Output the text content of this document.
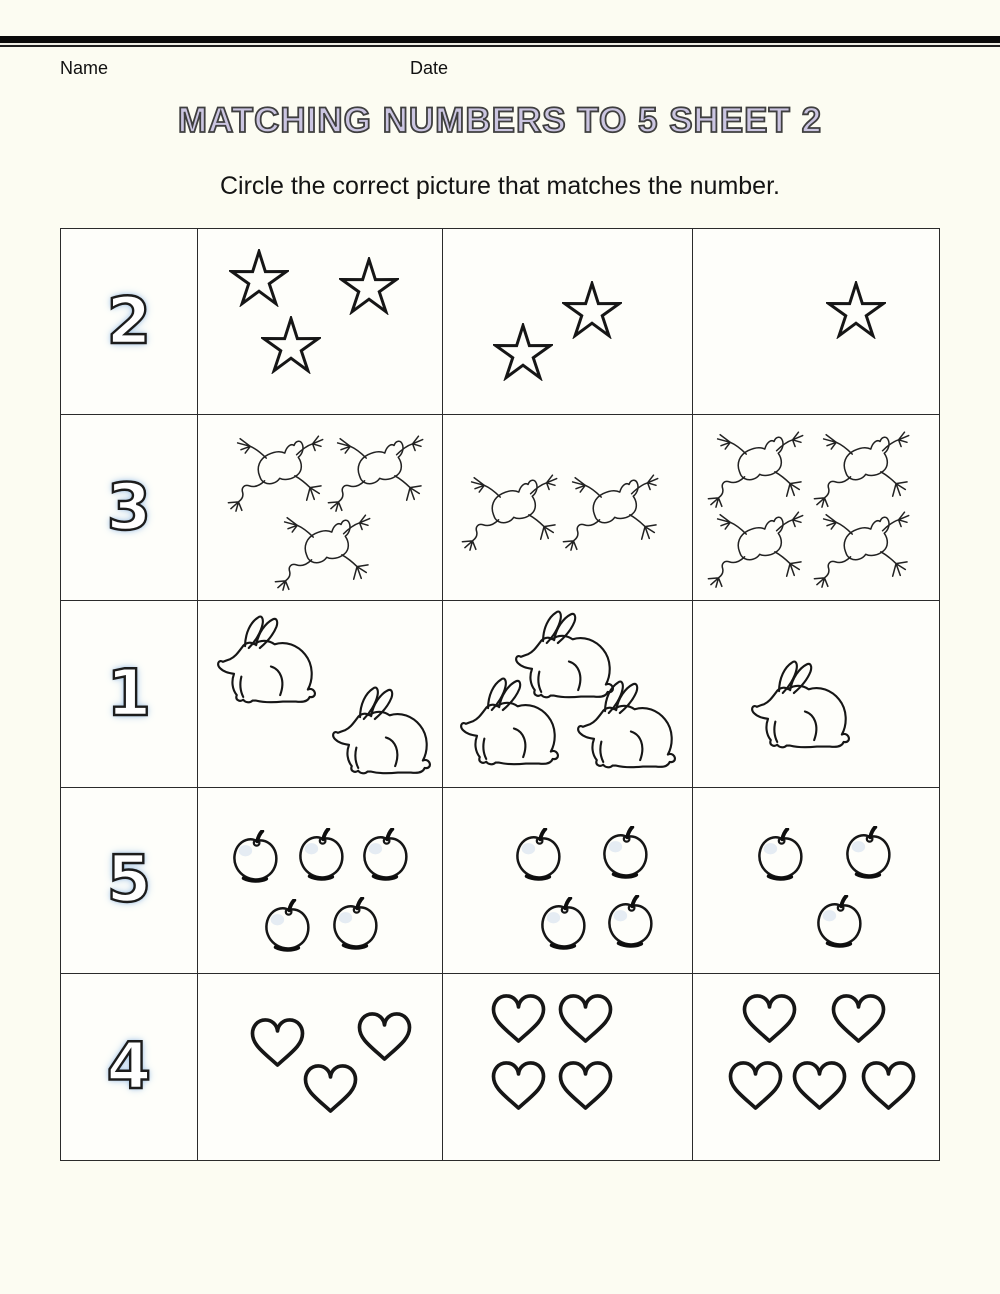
Name	Date
MATCHING NUMBERS TO 5 SHEET 2

Circle the correct picture that matches the number.

2
3
1
5
4
